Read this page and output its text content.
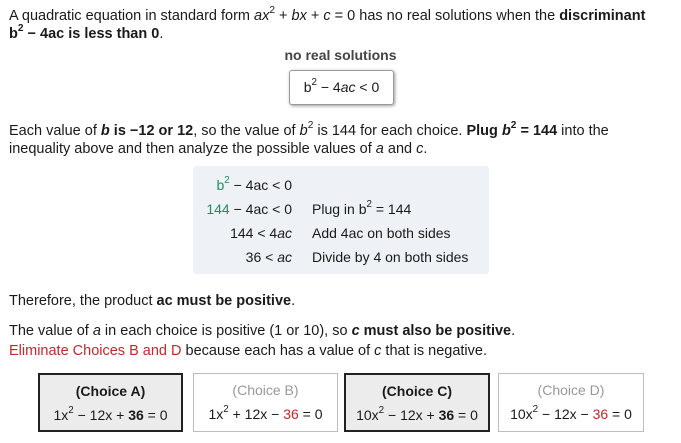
A quadratic equation in standard form $ax^2$ + bx + c = 0 has no real solutions when the discriminant
$b^2 - 4ac$ is less than 0.
no real solutions
$b^2 - 4ac < 0$
Each value of b is −12 or 12, so the value of $b^2$ is 144 for each choice. Plug $b^2 = 144$ into the
inequality above and then analyze the possible values of a and c.
$b^2 - 4ac < 0$
144 − 4ac < 0 Plug in $b^2 = 144$
144 < 4ac Add 4ac on both sides
36 < ac Divide by 4 on both sides
Therefore, the product ac must be positive.
The value of a in each choice is positive (1 or 10), so c must also be positive.
Eliminate Choices B and D because each has a value of c that is negative.
(Choice A)
$1x^2 - 12x + 36 = 0$
(Choice B)
$1x^2 + 12x - 36 = 0$
(Choice C)
$10x^2 - 12x + 36 = 0$
(Choice D)
$10x^2 - 12x - 36 = 0$
